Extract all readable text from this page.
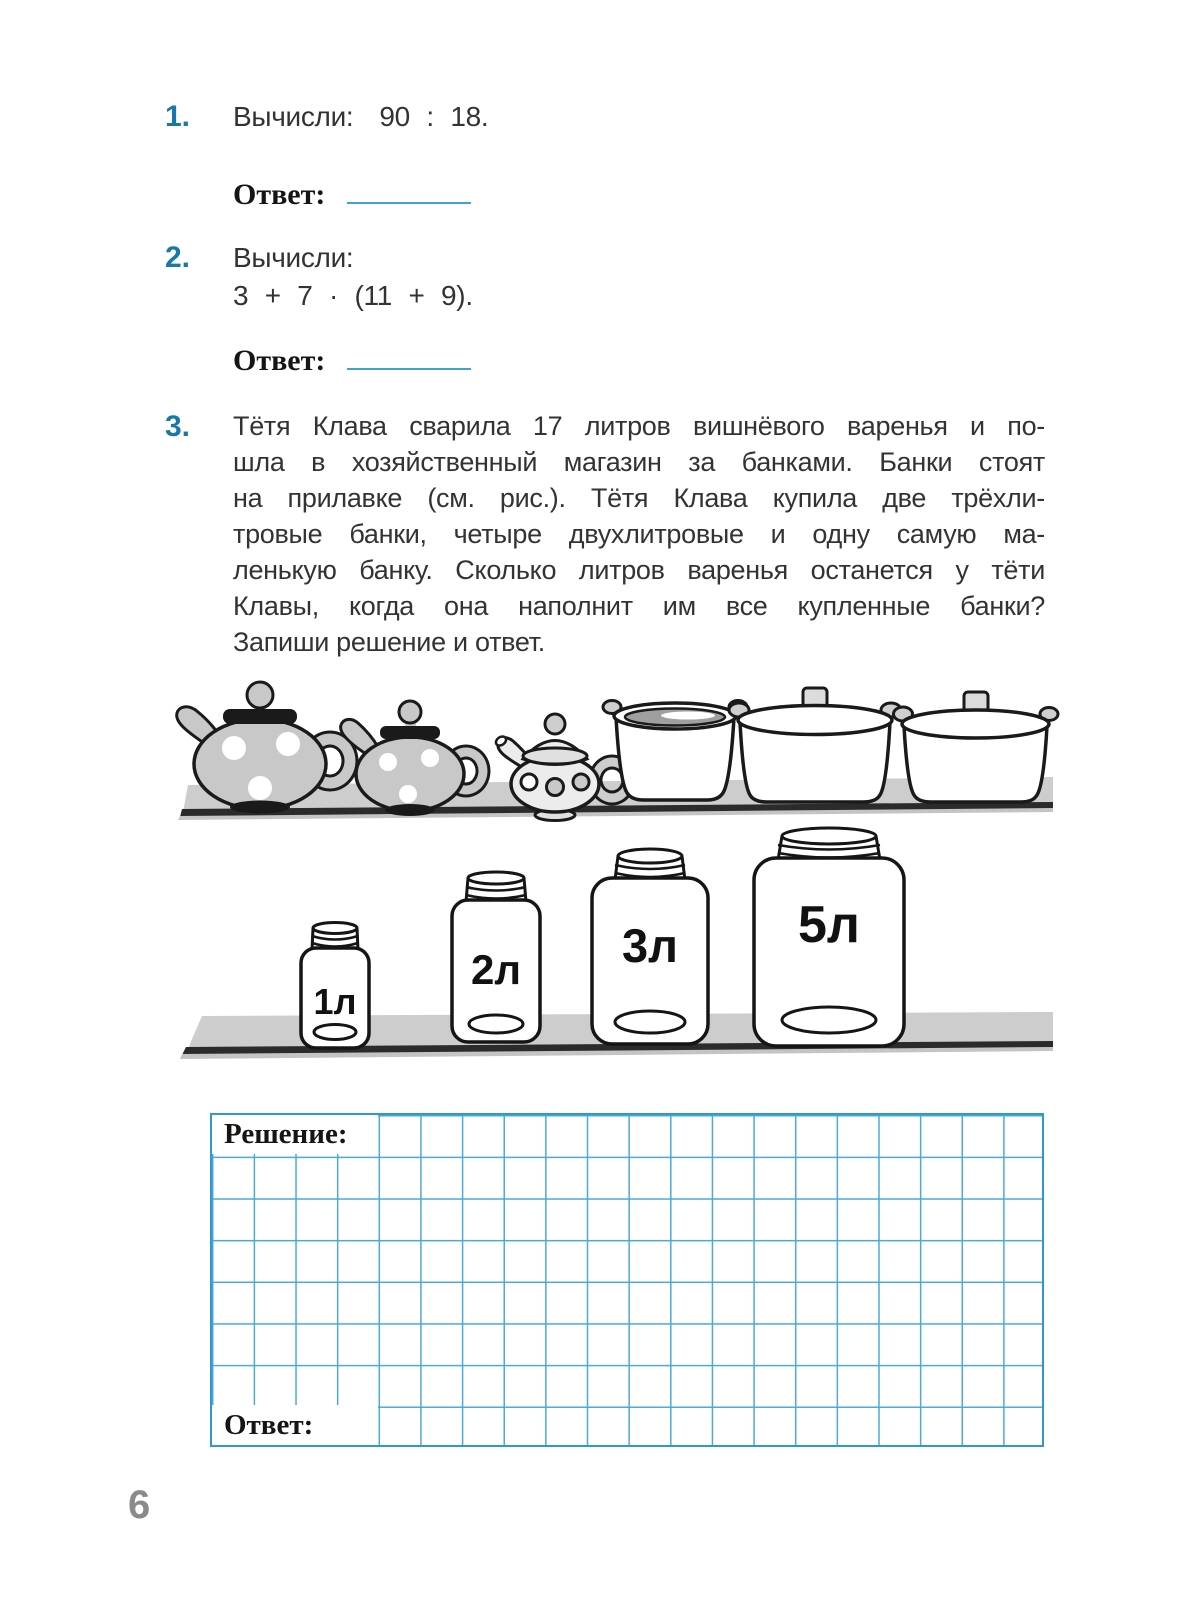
1.	Вычисли: 90 : 18.
Ответ:
2.	Вычисли:
3 + 7 · (11 + 9).
Ответ:
3.	Тётя Клава сварила 17 литров вишнёвого варенья и по-
шла в хозяйственный магазин за банками. Банки стоят
на прилавке (см. рис.). Тётя Клава купила две трёхли-
тровые банки, четыре двухлитровые и одну самую ма-
ленькую банку. Сколько литров варенья останется у тёти
Клавы, когда она наполнит им все купленные банки?
Запиши решение и ответ.
1л
2л 3л 5л
Решение:
Ответ:
6
